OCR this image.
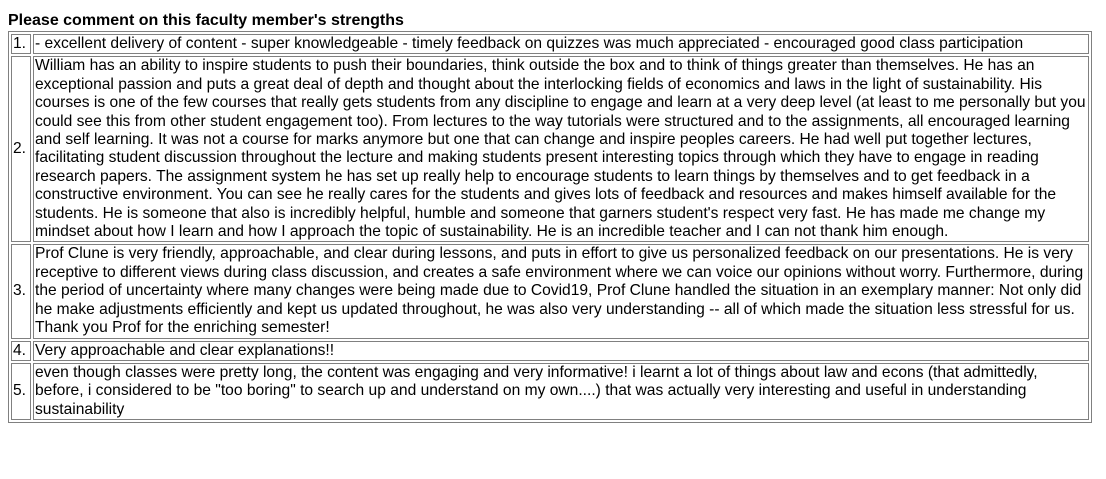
Please comment on this faculty member's strengths

1.	- excellent delivery of content - super knowledgeable - timely feedback on quizzes was much appreciated - encouraged good class participation
2.	William has an ability to inspire students to push their boundaries, think outside the box and to think of things greater than themselves. He has an exceptional passion and puts a great deal of depth and thought about the interlocking fields of economics and laws in the light of sustainability. His courses is one of the few courses that really gets students from any discipline to engage and learn at a very deep level (at least to me personally but you could see this from other student engagement too). From lectures to the way tutorials were structured and to the assignments, all encouraged learning and self learning. It was not a course for marks anymore but one that can change and inspire peoples careers. He had well put together lectures, facilitating student discussion throughout the lecture and making students present interesting topics through which they have to engage in reading research papers. The assignment system he has set up really help to encourage students to learn things by themselves and to get feedback in a constructive environment. You can see he really cares for the students and gives lots of feedback and resources and makes himself available for the students. He is someone that also is incredibly helpful, humble and someone that garners student's respect very fast. He has made me change my mindset about how I learn and how I approach the topic of sustainability. He is an incredible teacher and I can not thank him enough.
3.	Prof Clune is very friendly, approachable, and clear during lessons, and puts in effort to give us personalized feedback on our presentations. He is very receptive to different views during class discussion, and creates a safe environment where we can voice our opinions without worry. Furthermore, during the period of uncertainty where many changes were being made due to Covid19, Prof Clune handled the situation in an exemplary manner: Not only did he make adjustments efficiently and kept us updated throughout, he was also very understanding -- all of which made the situation less stressful for us. Thank you Prof for the enriching semester!
4.	Very approachable and clear explanations!!
5.	even though classes were pretty long, the content was engaging and very informative! i learnt a lot of things about law and econs (that admittedly, before, i considered to be "too boring" to search up and understand on my own....) that was actually very interesting and useful in understanding sustainability
